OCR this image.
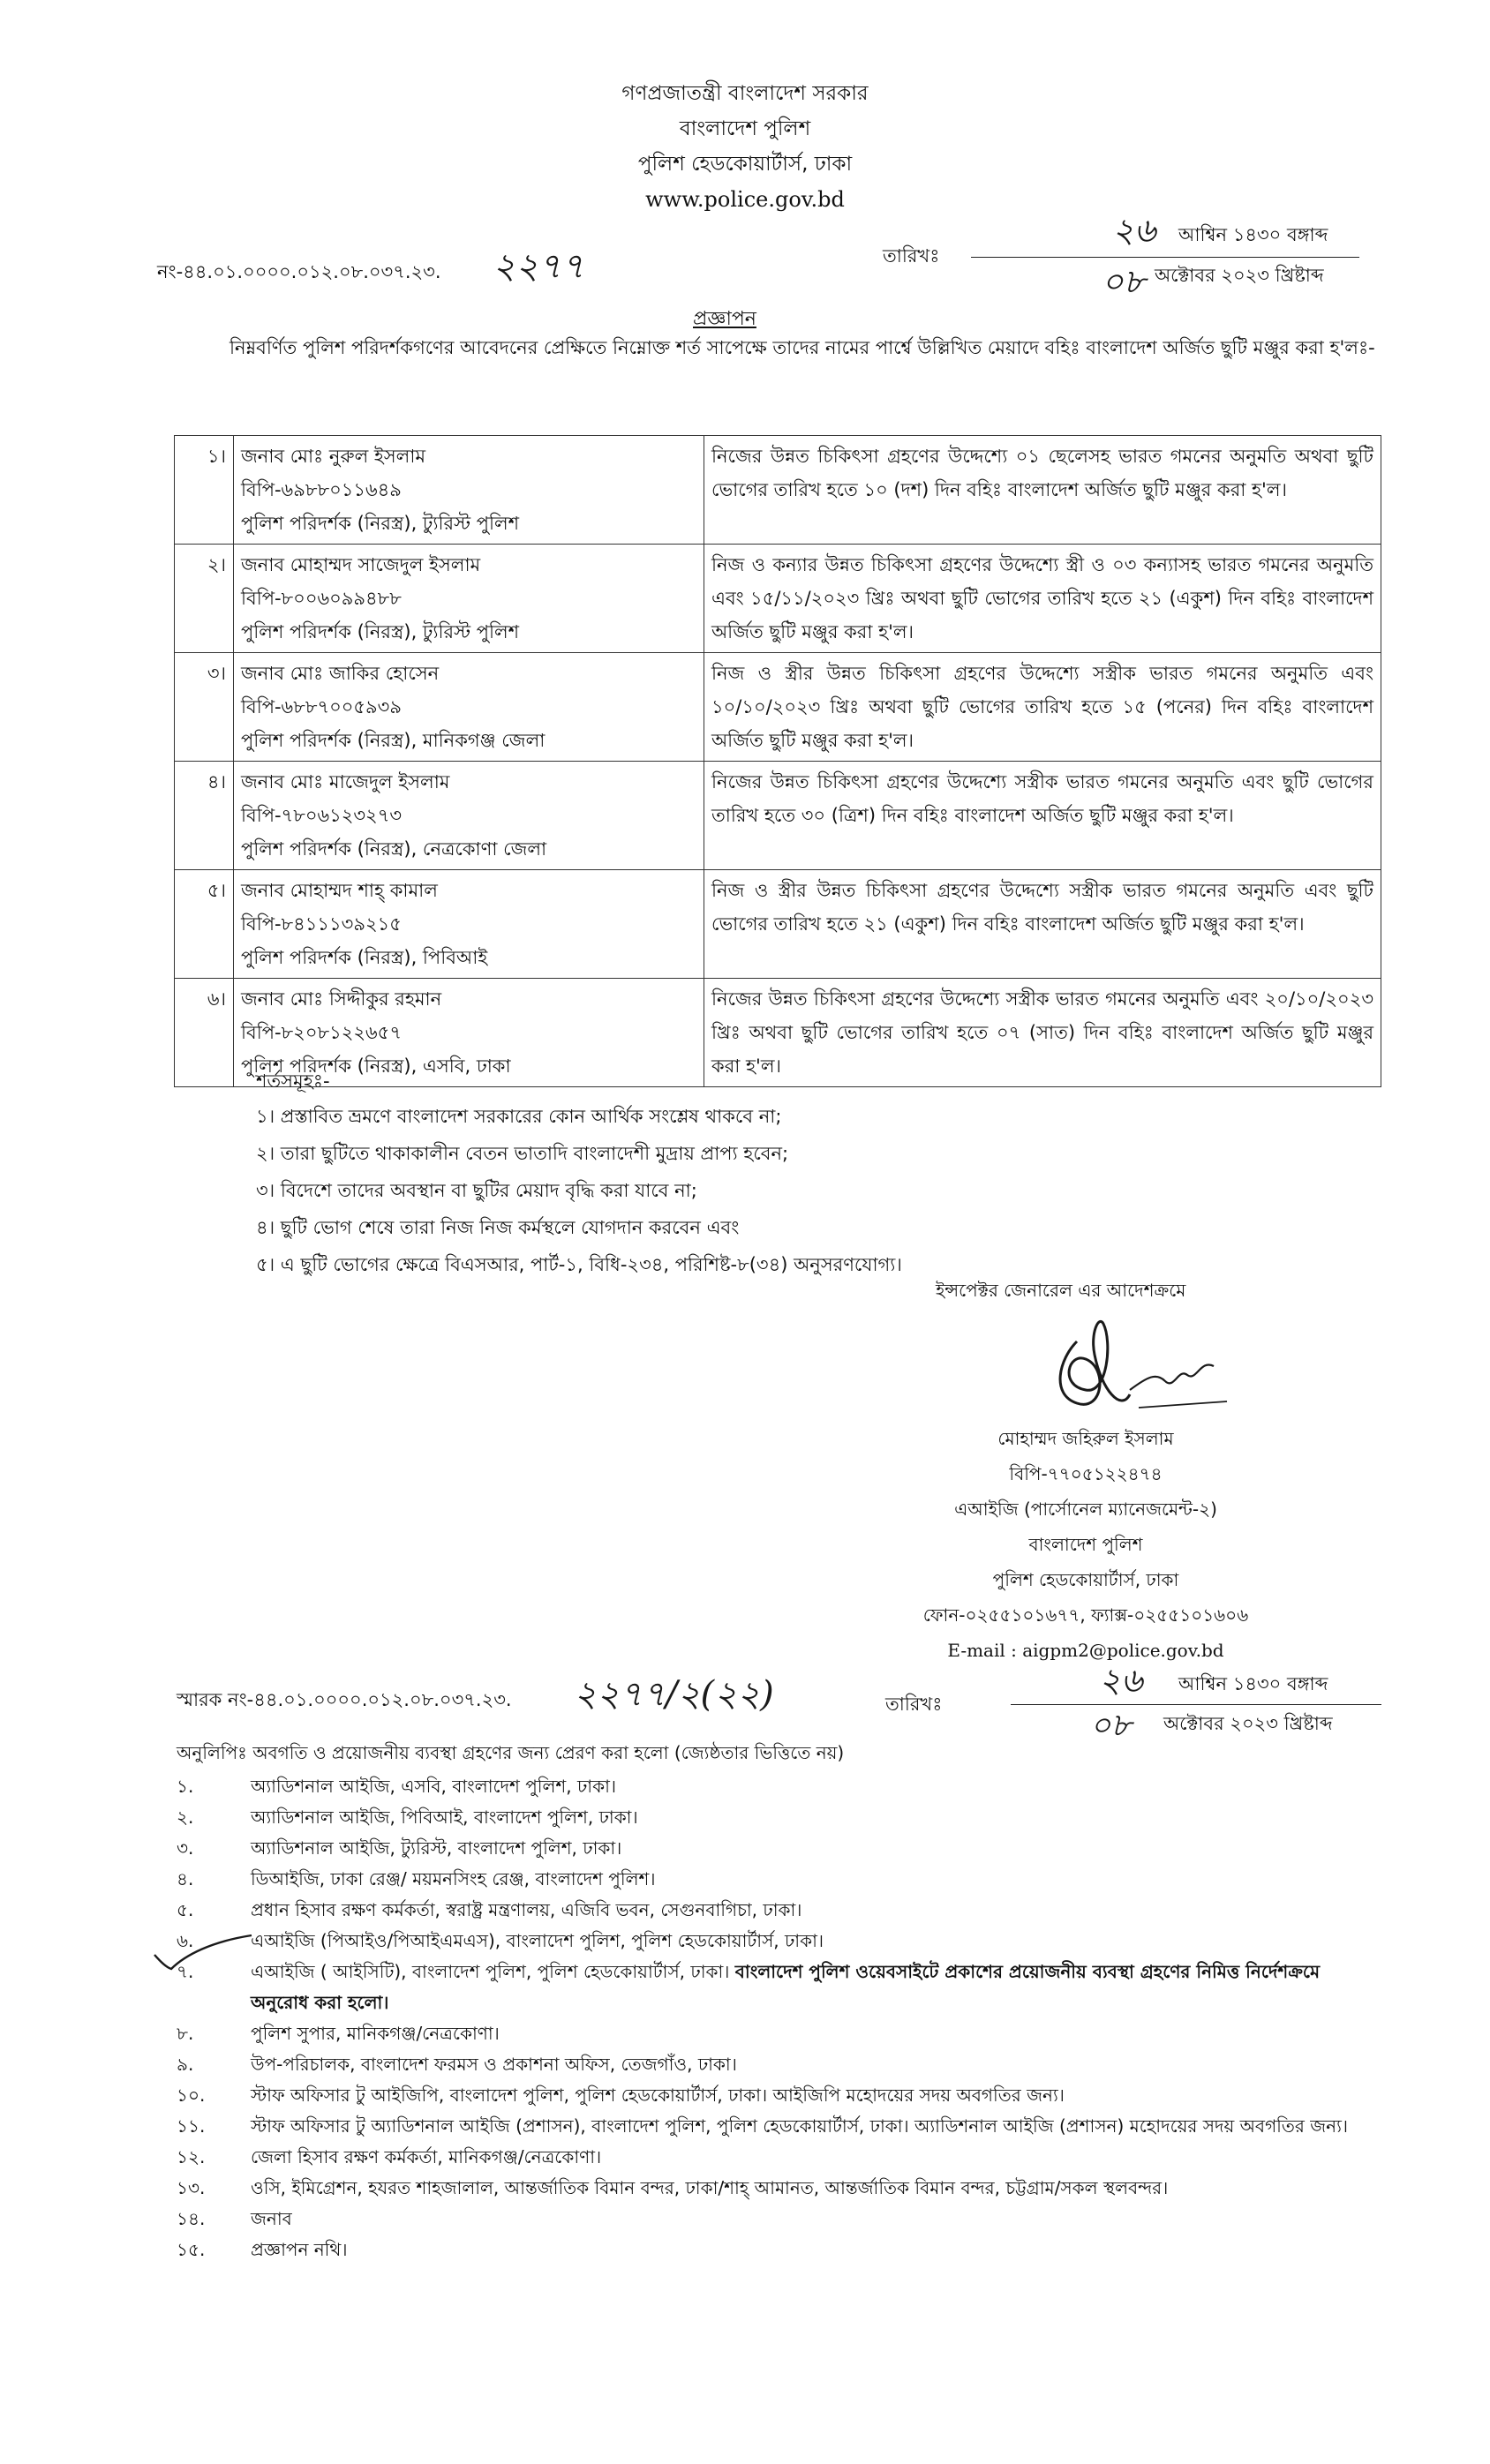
গণপ্রজাতন্ত্রী বাংলাদেশ সরকার
বাংলাদেশ পুলিশ
পুলিশ হেডকোয়ার্টার্স, ঢাকা
www.police.gov.bd
নং-৪৪.০১.০০০০.০১২.০৮.০৩৭.২৩. ২২৭৭	তারিখঃ
২৬ আশ্বিন ১৪৩০ বঙ্গাব্দ
০৮ অক্টোবর ২০২৩ খ্রিষ্টাব্দ
প্রজ্ঞাপন
নিম্নবর্ণিত পুলিশ পরিদর্শকগণের আবেদনের প্রেক্ষিতে নিম্নোক্ত শর্ত সাপেক্ষে তাদের নামের পার্শ্বে উল্লিখিত মেয়াদে বহিঃ বাংলাদেশ অর্জিত ছুটি মঞ্জুর করা হ'লঃ-
১।	জনাব মোঃ নুরুল ইসলাম
বিপি-৬৯৮৮০১১৬৪৯
পুলিশ পরিদর্শক (নিরস্ত্র), ট্যুরিস্ট পুলিশ	নিজের উন্নত চিকিৎসা গ্রহণের উদ্দেশ্যে ০১ ছেলেসহ ভারত গমনের অনুমতি অথবা ছুটি ভোগের তারিখ হতে ১০ (দশ) দিন বহিঃ বাংলাদেশ অর্জিত ছুটি মঞ্জুর করা হ'ল।
২।	জনাব মোহাম্মদ সাজেদুল ইসলাম
বিপি-৮০০৬০৯৯৪৮৮
পুলিশ পরিদর্শক (নিরস্ত্র), ট্যুরিস্ট পুলিশ	নিজ ও কন্যার উন্নত চিকিৎসা গ্রহণের উদ্দেশ্যে স্ত্রী ও ০৩ কন্যাসহ ভারত গমনের অনুমতি এবং ১৫/১১/২০২৩ খ্রিঃ অথবা ছুটি ভোগের তারিখ হতে ২১ (একুশ) দিন বহিঃ বাংলাদেশ অর্জিত ছুটি মঞ্জুর করা হ'ল।
৩।	জনাব মোঃ জাকির হোসেন
বিপি-৬৮৮৭০০৫৯৩৯
পুলিশ পরিদর্শক (নিরস্ত্র), মানিকগঞ্জ জেলা	নিজ ও স্ত্রীর উন্নত চিকিৎসা গ্রহণের উদ্দেশ্যে সস্ত্রীক ভারত গমনের অনুমতি এবং ১০/১০/২০২৩ খ্রিঃ অথবা ছুটি ভোগের তারিখ হতে ১৫ (পনের) দিন বহিঃ বাংলাদেশ অর্জিত ছুটি মঞ্জুর করা হ'ল।
৪।	জনাব মোঃ মাজেদুল ইসলাম
বিপি-৭৮০৬১২৩২৭৩
পুলিশ পরিদর্শক (নিরস্ত্র), নেত্রকোণা জেলা	নিজের উন্নত চিকিৎসা গ্রহণের উদ্দেশ্যে সস্ত্রীক ভারত গমনের অনুমতি এবং ছুটি ভোগের তারিখ হতে ৩০ (ত্রিশ) দিন বহিঃ বাংলাদেশ অর্জিত ছুটি মঞ্জুর করা হ'ল।
৫।	জনাব মোহাম্মদ শাহ্ কামাল
বিপি-৮৪১১১৩৯২১৫
পুলিশ পরিদর্শক (নিরস্ত্র), পিবিআই	নিজ ও স্ত্রীর উন্নত চিকিৎসা গ্রহণের উদ্দেশ্যে সস্ত্রীক ভারত গমনের অনুমতি এবং ছুটি ভোগের তারিখ হতে ২১ (একুশ) দিন বহিঃ বাংলাদেশ অর্জিত ছুটি মঞ্জুর করা হ'ল।
৬।	জনাব মোঃ সিদ্দীকুর রহমান
বিপি-৮২০৮১২২৬৫৭
পুলিশ পরিদর্শক (নিরস্ত্র), এসবি, ঢাকা	নিজের উন্নত চিকিৎসা গ্রহণের উদ্দেশ্যে সস্ত্রীক ভারত গমনের অনুমতি এবং ২০/১০/২০২৩ খ্রিঃ অথবা ছুটি ভোগের তারিখ হতে ০৭ (সাত) দিন বহিঃ বাংলাদেশ অর্জিত ছুটি মঞ্জুর করা হ'ল।
শর্তসমূহঃ-
১। প্রস্তাবিত ভ্রমণে বাংলাদেশ সরকারের কোন আর্থিক সংশ্লেষ থাকবে না;
২। তারা ছুটিতে থাকাকালীন বেতন ভাতাদি বাংলাদেশী মুদ্রায় প্রাপ্য হবেন;
৩। বিদেশে তাদের অবস্থান বা ছুটির মেয়াদ বৃদ্ধি করা যাবে না;
৪। ছুটি ভোগ শেষে তারা নিজ নিজ কর্মস্থলে যোগদান করবেন এবং
৫। এ ছুটি ভোগের ক্ষেত্রে বিএসআর, পার্ট-১, বিধি-২৩৪, পরিশিষ্ট-৮(৩৪) অনুসরণযোগ্য।
ইন্সপেক্টর জেনারেল এর আদেশক্রমে
মোহাম্মদ জহিরুল ইসলাম
বিপি-৭৭০৫১২২৪৭৪
এআইজি (পার্সোনেল ম্যানেজমেন্ট-২)
বাংলাদেশ পুলিশ
পুলিশ হেডকোয়ার্টার্স, ঢাকা
ফোন-০২৫৫১০১৬৭৭, ফ্যাক্স-০২৫৫১০১৬০৬
E-mail : aigpm2@police.gov.bd
স্মারক নং-৪৪.০১.০০০০.০১২.০৮.০৩৭.২৩. ২২৭৭/২(২২)	তারিখঃ
২৬ আশ্বিন ১৪৩০ বঙ্গাব্দ
০৮ অক্টোবর ২০২৩ খ্রিষ্টাব্দ
অনুলিপিঃ অবগতি ও প্রয়োজনীয় ব্যবস্থা গ্রহণের জন্য প্রেরণ করা হলো (জ্যেষ্ঠতার ভিত্তিতে নয়)
১.	অ্যাডিশনাল আইজি, এসবি, বাংলাদেশ পুলিশ, ঢাকা।
২.	অ্যাডিশনাল আইজি, পিবিআই, বাংলাদেশ পুলিশ, ঢাকা।
৩.	অ্যাডিশনাল আইজি, ট্যুরিস্ট, বাংলাদেশ পুলিশ, ঢাকা।
৪.	ডিআইজি, ঢাকা রেঞ্জ/ ময়মনসিংহ রেঞ্জ, বাংলাদেশ পুলিশ।
৫.	প্রধান হিসাব রক্ষণ কর্মকর্তা, স্বরাষ্ট্র মন্ত্রণালয়, এজিবি ভবন, সেগুনবাগিচা, ঢাকা।
৬.	এআইজি (পিআইও/পিআইএমএস), বাংলাদেশ পুলিশ, পুলিশ হেডকোয়ার্টার্স, ঢাকা।
৭.	এআইজি ( আইসিটি), বাংলাদেশ পুলিশ, পুলিশ হেডকোয়ার্টার্স, ঢাকা। বাংলাদেশ পুলিশ ওয়েবসাইটে প্রকাশের প্রয়োজনীয় ব্যবস্থা গ্রহণের নিমিত্ত নির্দেশক্রমে অনুরোধ করা হলো।
৮.	পুলিশ সুপার, মানিকগঞ্জ/নেত্রকোণা।
৯.	উপ-পরিচালক, বাংলাদেশ ফরমস ও প্রকাশনা অফিস, তেজগাঁও, ঢাকা।
১০.	স্টাফ অফিসার টু আইজিপি, বাংলাদেশ পুলিশ, পুলিশ হেডকোয়ার্টার্স, ঢাকা। আইজিপি মহোদয়ের সদয় অবগতির জন্য।
১১.	স্টাফ অফিসার টু অ্যাডিশনাল আইজি (প্রশাসন), বাংলাদেশ পুলিশ, পুলিশ হেডকোয়ার্টার্স, ঢাকা। অ্যাডিশনাল আইজি (প্রশাসন) মহোদয়ের সদয় অবগতির জন্য।
১২.	জেলা হিসাব রক্ষণ কর্মকর্তা, মানিকগঞ্জ/নেত্রকোণা।
১৩.	ওসি, ইমিগ্রেশন, হযরত শাহজালাল, আন্তর্জাতিক বিমান বন্দর, ঢাকা/শাহ্ আমানত, আন্তর্জাতিক বিমান বন্দর, চট্টগ্রাম/সকল স্থলবন্দর।
১৪.	জনাব
১৫.	প্রজ্ঞাপন নথি।
